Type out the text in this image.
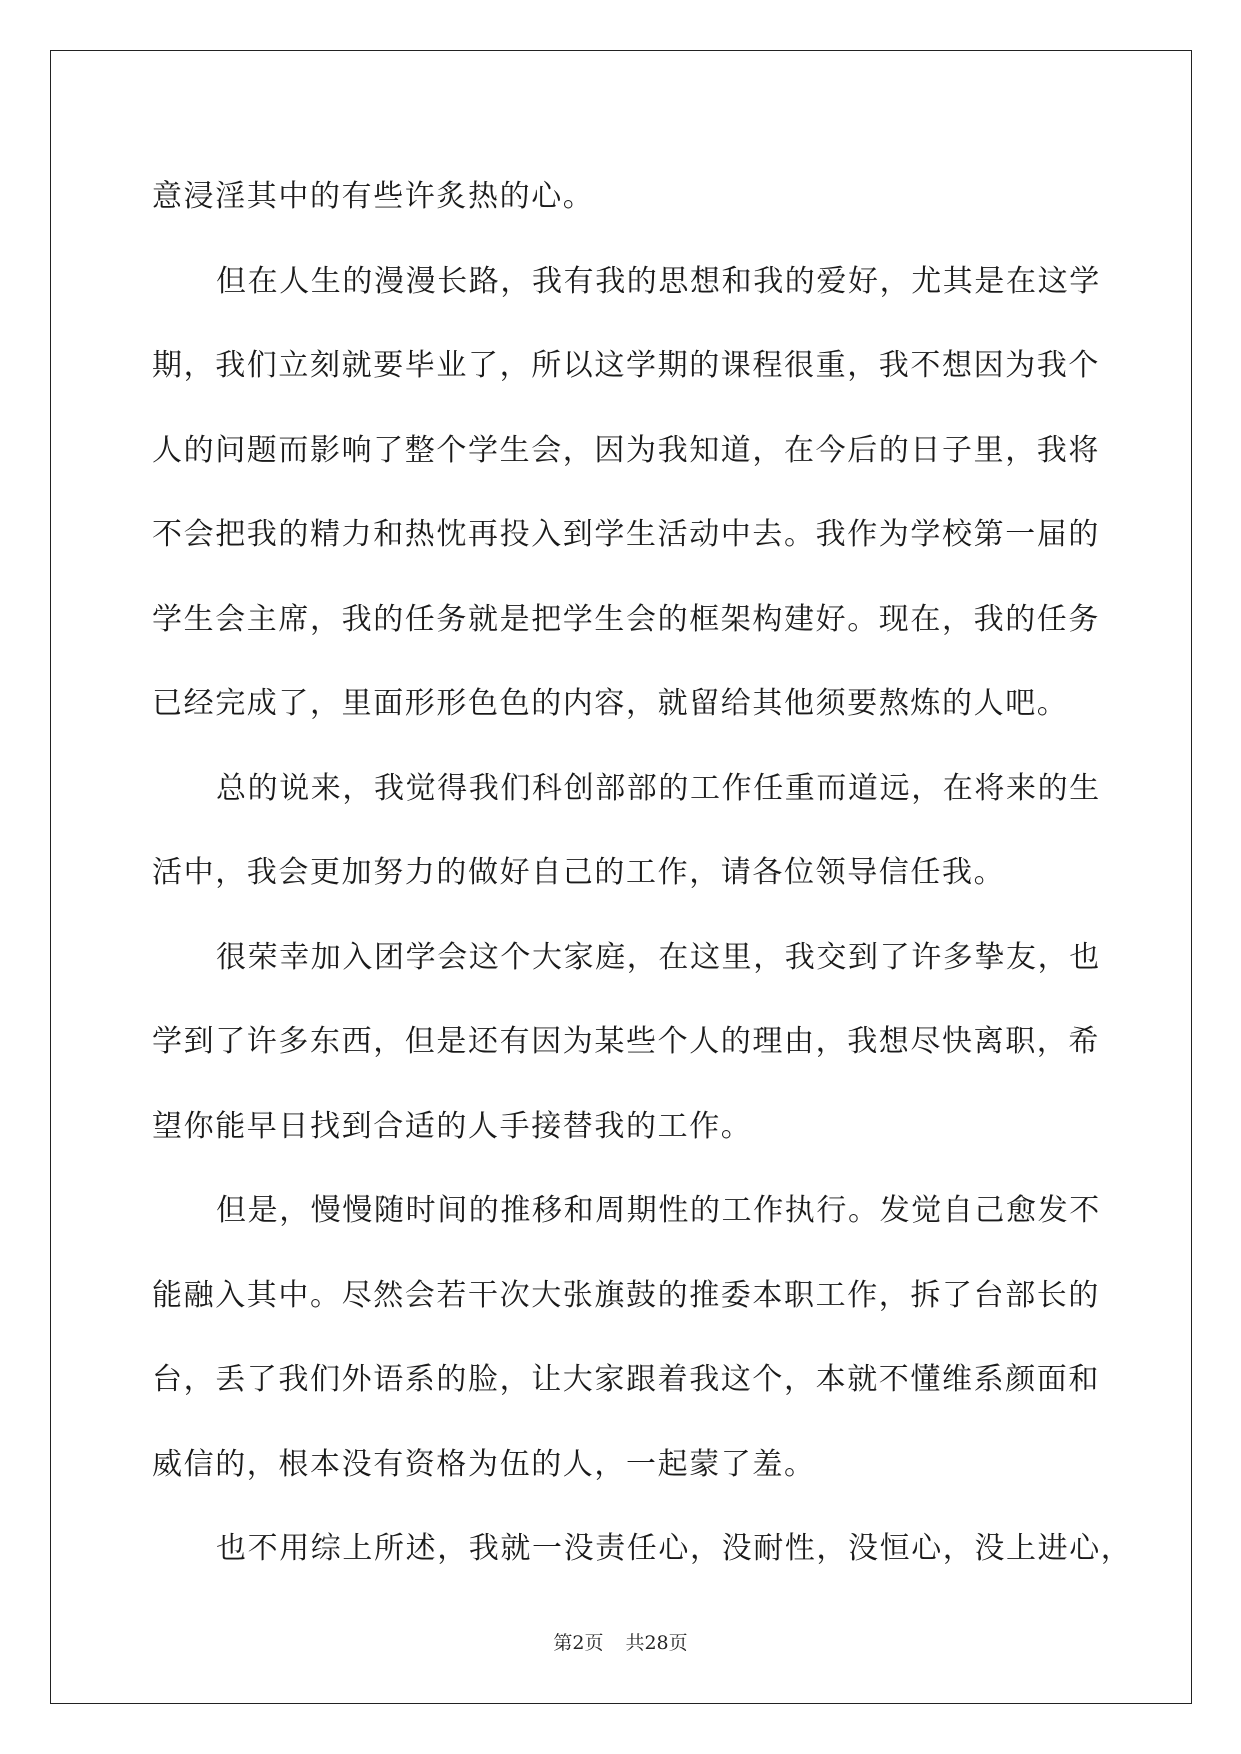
意浸淫其中的有些许炙热的心。

但在人生的漫漫长路，我有我的思想和我的爱好，尤其是在这学
期，我们立刻就要毕业了，所以这学期的课程很重，我不想因为我个
人的问题而影响了整个学生会，因为我知道，在今后的日子里，我将
不会把我的精力和热忱再投入到学生活动中去。我作为学校第一届的
学生会主席，我的任务就是把学生会的框架构建好。现在，我的任务
已经完成了，里面形形色色的内容，就留给其他须要熬炼的人吧。

总的说来，我觉得我们科创部部的工作任重而道远，在将来的生
活中，我会更加努力的做好自己的工作，请各位领导信任我。

很荣幸加入团学会这个大家庭，在这里，我交到了许多挚友，也
学到了许多东西，但是还有因为某些个人的理由，我想尽快离职，希
望你能早日找到合适的人手接替我的工作。

但是，慢慢随时间的推移和周期性的工作执行。发觉自己愈发不
能融入其中。尽然会若干次大张旗鼓的推委本职工作，拆了台部长的
台，丢了我们外语系的脸，让大家跟着我这个，本就不懂维系颜面和
威信的，根本没有资格为伍的人，一起蒙了羞。

也不用综上所述，我就一没责任心，没耐性，没恒心，没上进心，

第2页 共28页
